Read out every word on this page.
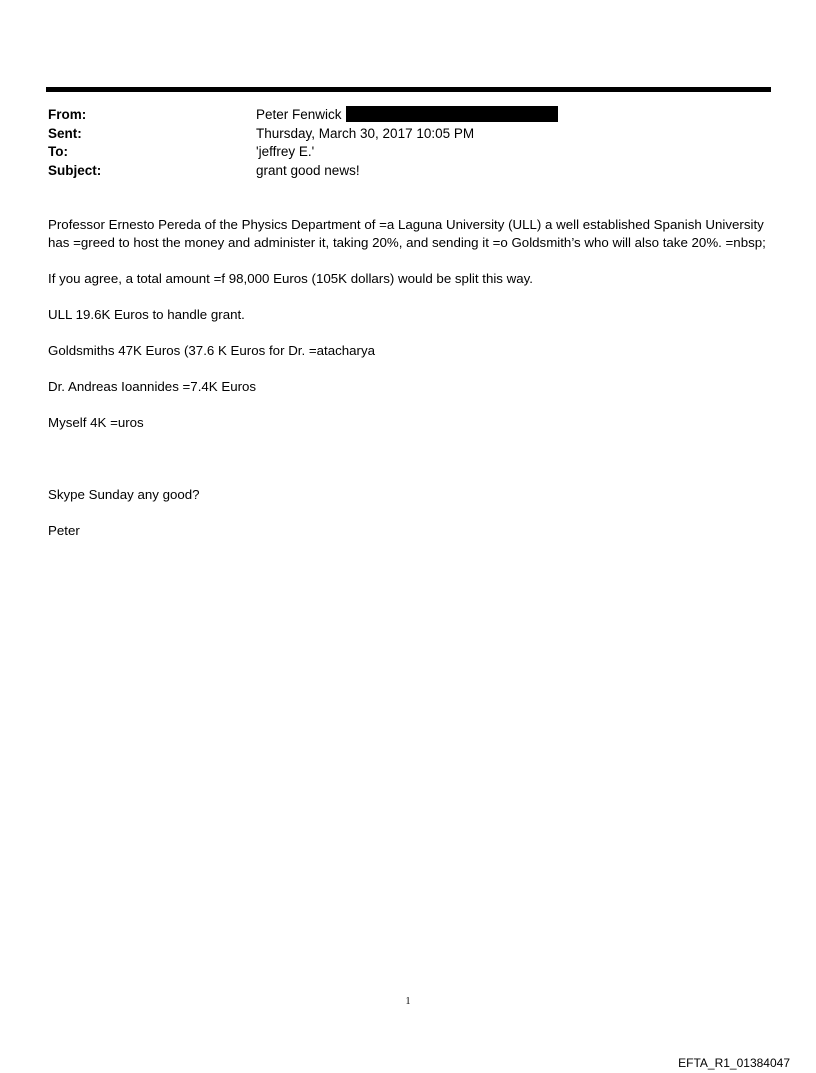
From:	Peter Fenwick
Sent:	Thursday, March 30, 2017 10:05 PM
To:	'jeffrey E.'
Subject:	grant good news!

Professor Ernesto Pereda of the Physics Department of =a Laguna University (ULL) a well established Spanish University has =greed to host the money and administer it, taking 20%, and sending it =o Goldsmith’s who will also take 20%. =nbsp;

If you agree, a total amount =f 98,000 Euros (105K dollars) would be split this way.

ULL 19.6K Euros to handle grant.

Goldsmiths 47K Euros (37.6 K Euros for Dr. =atacharya

Dr. Andreas Ioannides =7.4K Euros

Myself 4K =uros

Skype Sunday any good?

Peter

1
EFTA_R1_01384047
